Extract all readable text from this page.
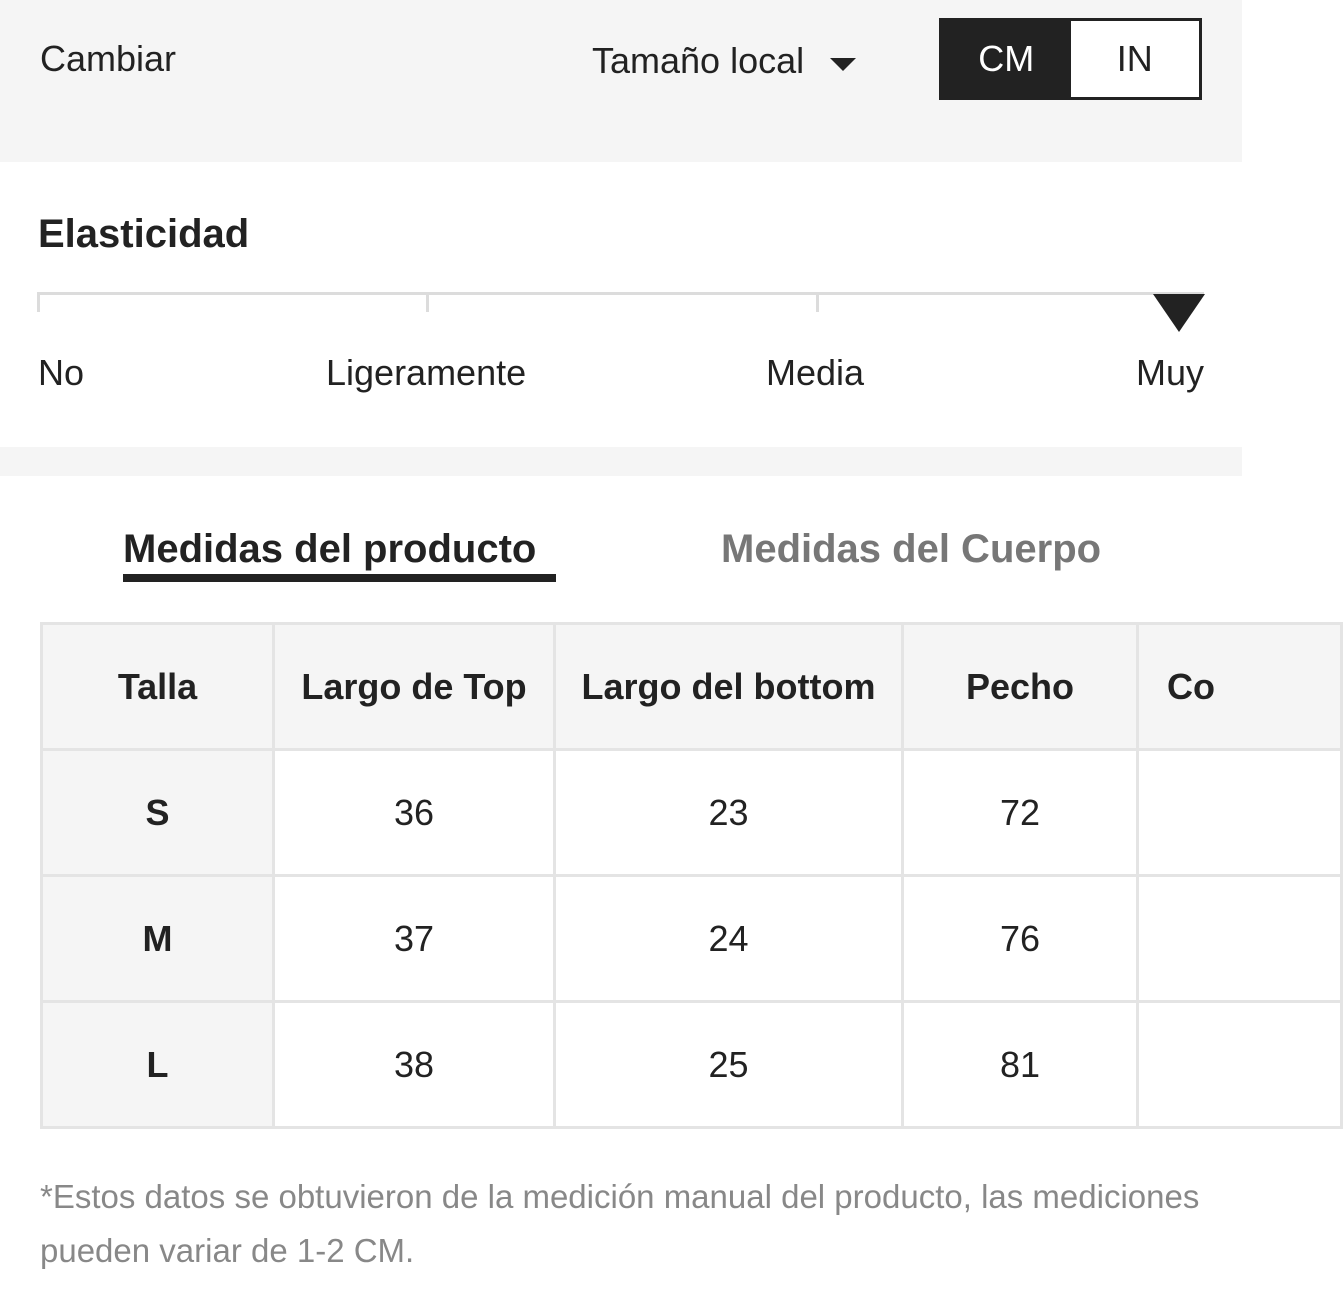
Cambiar	Tamaño local	CM	IN
Elasticidad
No	Ligeramente	Media	Muy
Medidas del producto	Medidas del Cuerpo
Talla	Largo de Top	Largo del bottom	Pecho	Co
S	36	23	72	
M	37	24	76	
L	38	25	81	
*Estos datos se obtuvieron de la medición manual del producto, las mediciones pueden variar de 1-2 CM.
